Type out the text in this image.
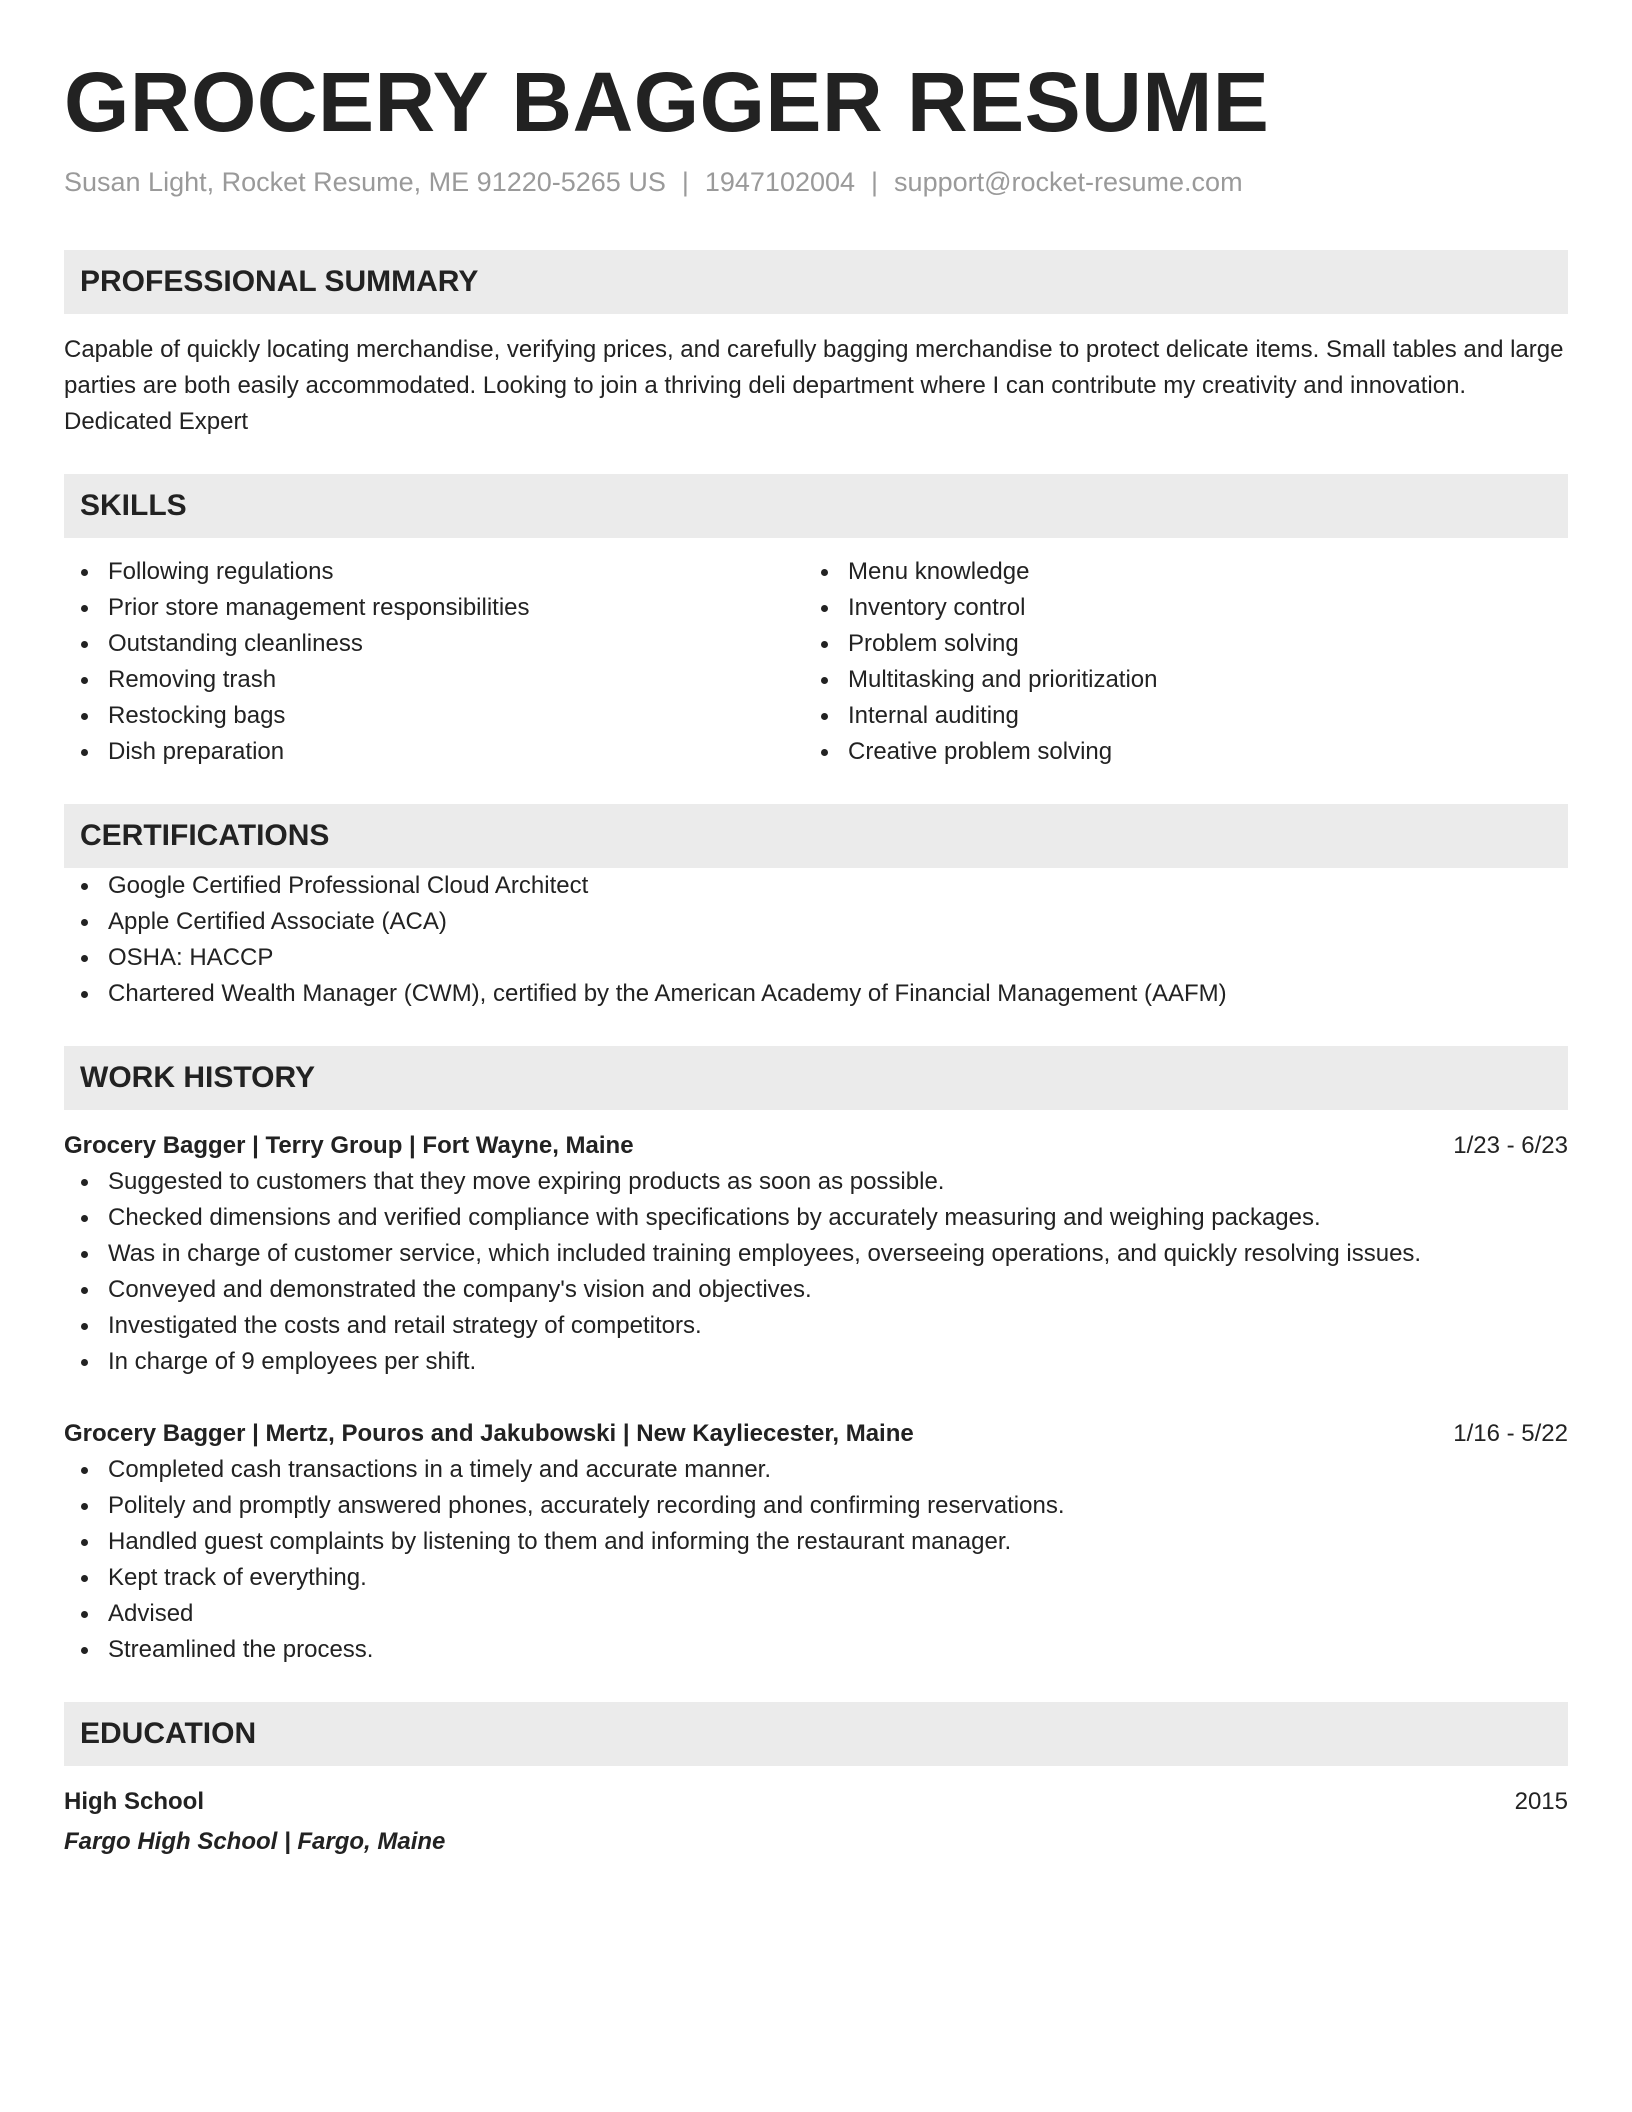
GROCERY BAGGER RESUME
Susan Light, Rocket Resume, ME 91220-5265 US | 1947102004 | support@rocket-resume.com
PROFESSIONAL SUMMARY

Capable of quickly locating merchandise, verifying prices, and carefully bagging merchandise to protect delicate items. Small tables and large parties are both easily accommodated. Looking to join a thriving deli department where I can contribute my creativity and innovation. Dedicated Expert

SKILLS
Following regulations
Prior store management responsibilities
Outstanding cleanliness
Removing trash
Restocking bags
Dish preparation
Menu knowledge
Inventory control
Problem solving
Multitasking and prioritization
Internal auditing
Creative problem solving
CERTIFICATIONS
Google Certified Professional Cloud Architect
Apple Certified Associate (ACA)
OSHA: HACCP
Chartered Wealth Manager (CWM), certified by the American Academy of Financial Management (AAFM)
WORK HISTORY
Grocery Bagger | Terry Group | Fort Wayne, Maine	1/23 - 6/23
Suggested to customers that they move expiring products as soon as possible.
Checked dimensions and verified compliance with specifications by accurately measuring and weighing packages.
Was in charge of customer service, which included training employees, overseeing operations, and quickly resolving issues.
Conveyed and demonstrated the company's vision and objectives.
Investigated the costs and retail strategy of competitors.
In charge of 9 employees per shift.
Grocery Bagger | Mertz, Pouros and Jakubowski | New Kayliecester, Maine	1/16 - 5/22
Completed cash transactions in a timely and accurate manner.
Politely and promptly answered phones, accurately recording and confirming reservations.
Handled guest complaints by listening to them and informing the restaurant manager.
Kept track of everything.
Advised
Streamlined the process.
EDUCATION
High School	2015
Fargo High School | Fargo, Maine
